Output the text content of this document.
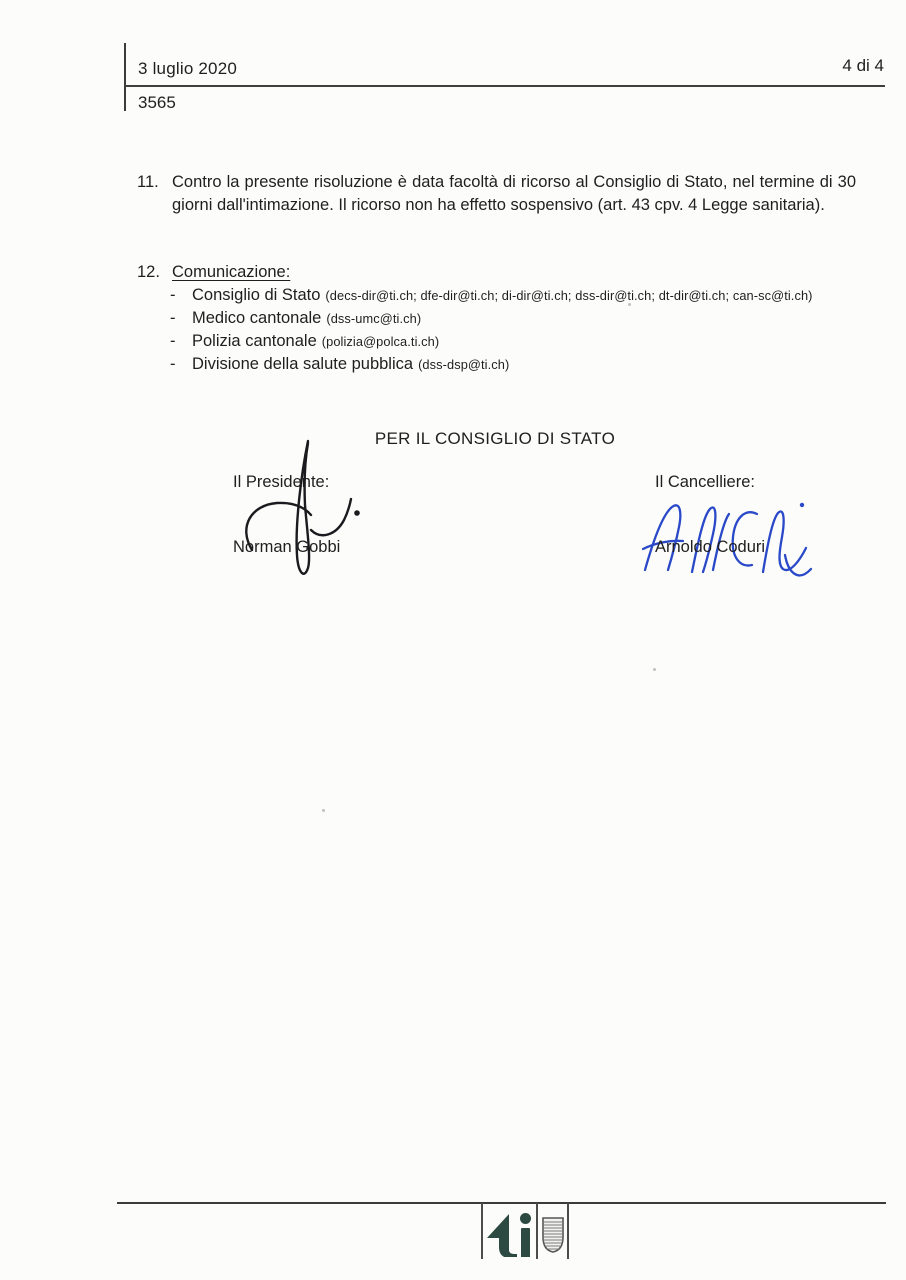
3 luglio 2020	4 di 4
3565
11. Contro la presente risoluzione è data facoltà di ricorso al Consiglio di Stato, nel termine di 30 giorni dall'intimazione. Il ricorso non ha effetto sospensivo (art. 43 cpv. 4 Legge sanitaria).
12. Comunicazione:
-	Consiglio di Stato (decs-dir@ti.ch; dfe-dir@ti.ch; di-dir@ti.ch; dss-dir@ti.ch; dt-dir@ti.ch; can-sc@ti.ch)
-	Medico cantonale (dss-umc@ti.ch)
-	Polizia cantonale (polizia@polca.ti.ch)
-	Divisione della salute pubblica (dss-dsp@ti.ch)
PER IL CONSIGLIO DI STATO
Il Presidente:	Il Cancelliere:
Norman Gobbi	Arnoldo Coduri
